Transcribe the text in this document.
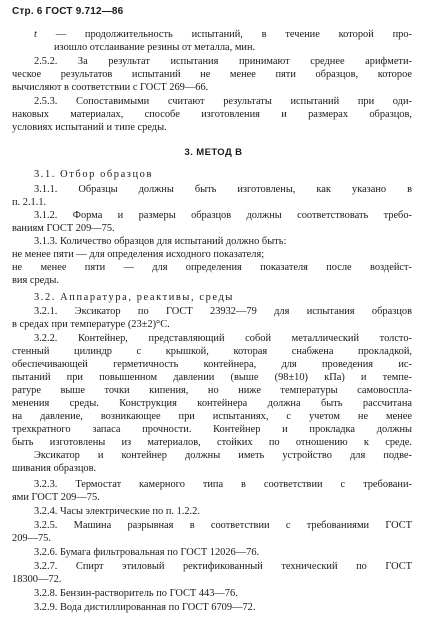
Стр. 6 ГОСТ 9.712—86
t — продолжительность испытаний, в течение которой про-
изошло отслаивание резины от металла, мин.
2.5.2. За результат испытания принимают среднее арифмети-
ческое результатов испытаний не менее пяти образцов, которое
вычисляют в соответствии с ГОСТ 269—66.
2.5.3. Сопоставимыми считают результаты испытаний при оди-
наковых материалах, способе изготовления и размерах образцов,
условиях испытаний и типе среды.
3. МЕТОД В
3.1. Отбор образцов
3.1.1. Образцы должны быть изготовлены, как указано в
п. 2.1.1.
3.1.2. Форма и размеры образцов должны соответствовать требо-
ваниям ГОСТ 209—75.
3.1.3. Количество образцов для испытаний должно быть:
не менее пяти — для определения исходного показателя;
не менее пяти — для определения показателя после воздейст-
вия среды.
3.2. Аппаратура, реактивы, среды
3.2.1. Эксикатор по ГОСТ 23932—79 для испытания образцов
в средах при температуре (23±2)°С.
3.2.2. Контейнер, представляющий собой металлический толсто-
стенный цилиндр с крышкой, которая снабжена прокладкой,
обеспечивающей герметичность контейнера, для проведения ис-
пытаний при повышенном давлении (выше (98±10) кПа) и темпе-
ратуре выше точки кипения, но ниже температуры самовоспла-
менения среды. Конструкция контейнера должна быть рассчитана
на давление, возникающее при испытаниях, с учетом не менее
трехкратного запаса прочности. Контейнер и прокладка должны
быть изготовлены из материалов, стойких по отношению к среде.
Эксикатор и контейнер должны иметь устройство для подве-
шивания образцов.
3.2.3. Термостат камерного типа в соответствии с требовани-
ями ГОСТ 209—75.
3.2.4. Часы электрические по п. 1.2.2.
3.2.5. Машина разрывная в соответствии с требованиями ГОСТ
209—75.
3.2.6. Бумага фильтровальная по ГОСТ 12026—76.
3.2.7. Спирт этиловый ректификованный технический по ГОСТ
18300—72.
3.2.8. Бензин-растворитель по ГОСТ 443—76.
3.2.9. Вода дистиллированная по ГОСТ 6709—72.
